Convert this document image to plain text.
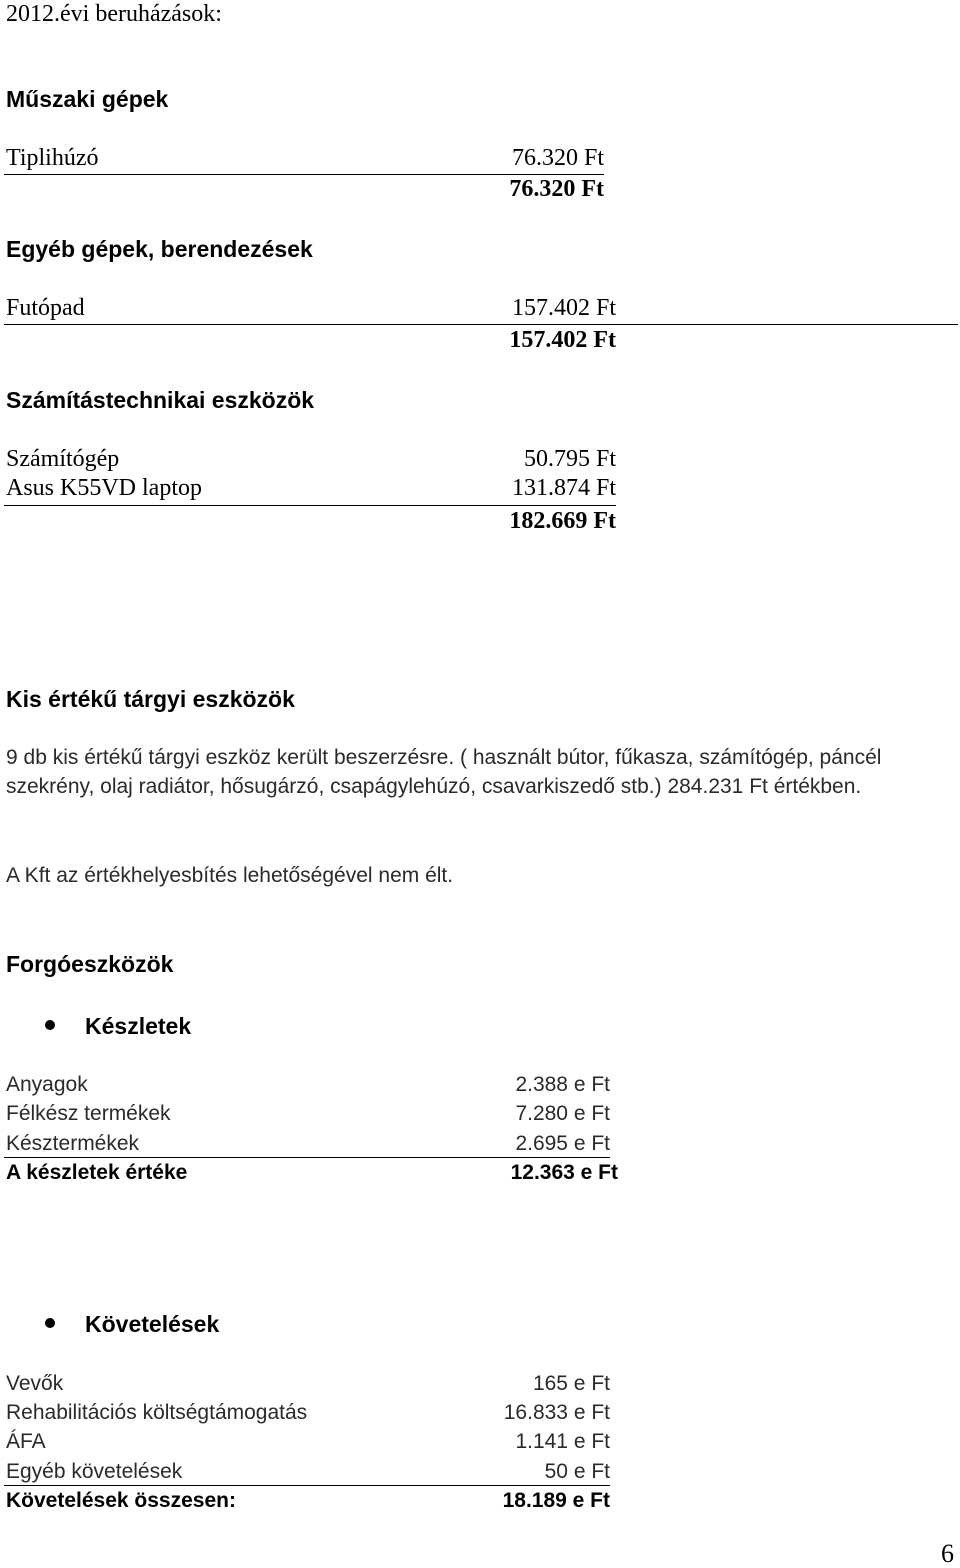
2012.évi beruházások:
Műszaki gépek
Tiplihúzó	76.320 Ft
76.320 Ft
Egyéb gépek, berendezések
Futópad	157.402 Ft
157.402 Ft
Számítástechnikai eszközök
Számítógép	50.795 Ft
Asus K55VD laptop	131.874 Ft
182.669 Ft
Kis értékű tárgyi eszközök
9 db kis értékű tárgyi eszköz került beszerzésre. ( használt bútor, fűkasza, számítógép, páncél
szekrény, olaj radiátor, hősugárzó, csapágylehúzó, csavarkiszedő stb.) 284.231 Ft értékben.
A Kft az értékhelyesbítés lehetőségével nem élt.
Forgóeszközök
Készletek
Anyagok	2.388 e Ft
Félkész termékek	7.280 e Ft
Késztermékek	2.695 e Ft
A készletek értéke	12.363 e Ft
Követelések
Vevők	165 e Ft
Rehabilitációs költségtámogatás	16.833 e Ft
ÁFA	1.141 e Ft
Egyéb követelések	50 e Ft
Követelések összesen:	18.189 e Ft
6
